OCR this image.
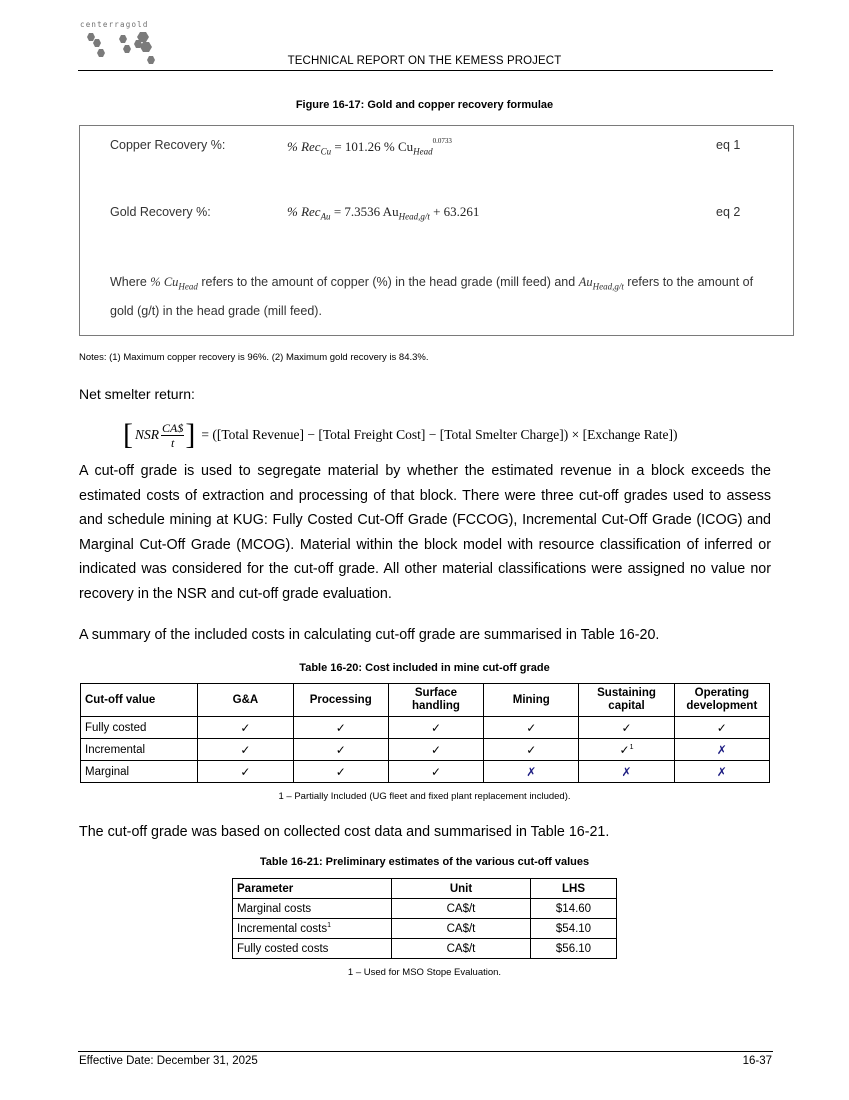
centerragold
TECHNICAL REPORT ON THE KEMESS PROJECT
Figure 16-17: Gold and copper recovery formulae
Copper Recovery %:	% Rec$_{Cu}$ = 101.26 % $Cu_{Head}^{0.0733}$	eq 1
Gold Recovery %:	% Rec$_{Au}$ = 7.3536 $Au_{Head,g/t} + 63.261$	eq 2
Where % $Cu_{Head}$ refers to the amount of copper (%) in the head grade (mill feed) and $Au_{Head,g/t}$ refers to the amount of gold (g/t) in the head grade (mill feed).
Notes: (1) Maximum copper recovery is 96%. (2) Maximum gold recovery is 84.3%.
Net smelter return:
[ NSR $\frac{CA\$}{t}$ ] = ([Total Revenue] − [Total Freight Cost] − [Total Smelter Charge]) × [Exchange Rate])
A cut-off grade is used to segregate material by whether the estimated revenue in a block exceeds the estimated costs of extraction and processing of that block. There were three cut-off grades used to assess and schedule mining at KUG: Fully Costed Cut-Off Grade (FCCOG), Incremental Cut-Off Grade (ICOG) and Marginal Cut-Off Grade (MCOG). Material within the block model with resource classification of inferred or indicated was considered for the cut-off grade. All other material classifications were assigned no value nor recovery in the NSR and cut-off grade evaluation.
A summary of the included costs in calculating cut-off grade are summarised in Table 16-20.
Table 16-20: Cost included in mine cut-off grade
Cut-off value	G&A	Processing	Surface handling	Mining	Sustaining capital	Operating development
Fully costed	✓	✓	✓	✓	✓	✓
Incremental	✓	✓	✓	✓	✓$^1$	✗
Marginal	✓	✓	✓	✗	✗	✗
1 – Partially Included (UG fleet and fixed plant replacement included).
The cut-off grade was based on collected cost data and summarised in Table 16-21.
Table 16-21: Preliminary estimates of the various cut-off values
Parameter	Unit	LHS
Marginal costs	CA$/t	$14.60
Incremental costs$^1$	CA$/t	$54.10
Fully costed costs	CA$/t	$56.10
1 – Used for MSO Stope Evaluation.
Effective Date: December 31, 2025	16-37
